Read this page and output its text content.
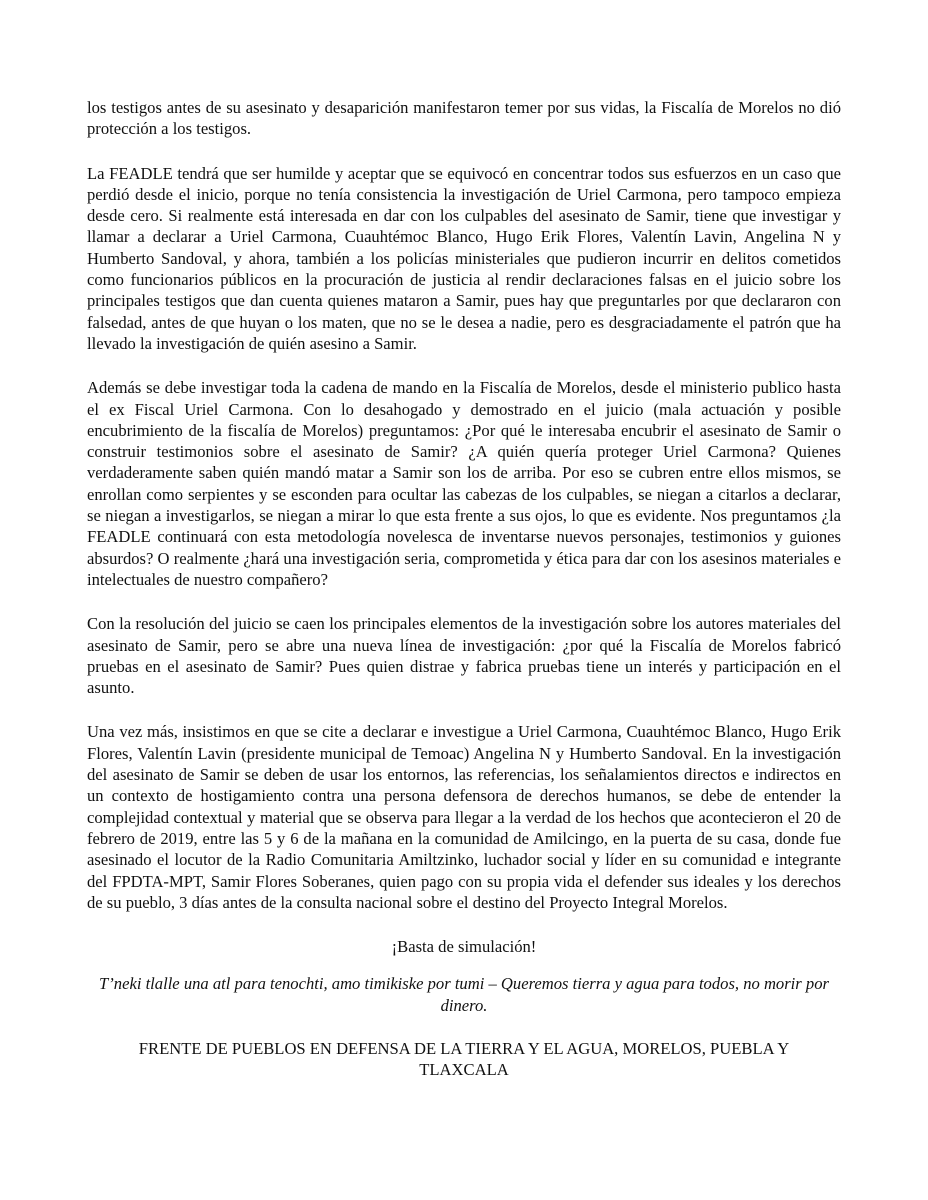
los testigos antes de su asesinato y desaparición manifestaron temer por sus vidas, la Fiscalía de Morelos no dió protección a los testigos.

La FEADLE tendrá que ser humilde y aceptar que se equivocó en concentrar todos sus esfuerzos en un caso que perdió desde el inicio, porque no tenía consistencia la investigación de Uriel Carmona, pero tampoco empieza desde cero. Si realmente está interesada en dar con los culpables del asesinato de Samir, tiene que investigar y llamar a declarar a Uriel Carmona, Cuauhtémoc Blanco, Hugo Erik Flores, Valentín Lavin, Angelina N y Humberto Sandoval, y ahora, también a los policías ministeriales que pudieron incurrir en delitos cometidos como funcionarios públicos en la procuración de justicia al rendir declaraciones falsas en el juicio sobre los principales testigos que dan cuenta quienes mataron a Samir, pues hay que preguntarles por que declararon con falsedad, antes de que huyan o los maten, que no se le desea a nadie, pero es desgraciadamente el patrón que ha llevado la investigación de quién asesino a Samir.

Además se debe investigar toda la cadena de mando en la Fiscalía de Morelos, desde el ministerio publico hasta el ex Fiscal Uriel Carmona. Con lo desahogado y demostrado en el juicio (mala actuación y posible encubrimiento de la fiscalía de Morelos) preguntamos: ¿Por qué le interesaba encubrir el asesinato de Samir o construir testimonios sobre el asesinato de Samir? ¿A quién quería proteger Uriel Carmona? Quienes verdaderamente saben quién mandó matar a Samir son los de arriba. Por eso se cubren entre ellos mismos, se enrollan como serpientes y se esconden para ocultar las cabezas de los culpables, se niegan a citarlos a declarar, se niegan a investigarlos, se niegan a mirar lo que esta frente a sus ojos, lo que es evidente. Nos preguntamos ¿la FEADLE continuará con esta metodología novelesca de inventarse nuevos personajes, testimonios y guiones absurdos? O realmente ¿hará una investigación seria, comprometida y ética para dar con los asesinos materiales e intelectuales de nuestro compañero?

Con la resolución del juicio se caen los principales elementos de la investigación sobre los autores materiales del asesinato de Samir, pero se abre una nueva línea de investigación: ¿por qué la Fiscalía de Morelos fabricó pruebas en el asesinato de Samir? Pues quien distrae y fabrica pruebas tiene un interés y participación en el asunto.

Una vez más, insistimos en que se cite a declarar e investigue a Uriel Carmona, Cuauhtémoc Blanco, Hugo Erik Flores, Valentín Lavin (presidente municipal de Temoac) Angelina N y Humberto Sandoval. En la investigación del asesinato de Samir se deben de usar los entornos, las referencias, los señalamientos directos e indirectos en un contexto de hostigamiento contra una persona defensora de derechos humanos, se debe de entender la complejidad contextual y material que se observa para llegar a la verdad de los hechos que acontecieron el 20 de febrero de 2019, entre las 5 y 6 de la mañana en la comunidad de Amilcingo, en la puerta de su casa, donde fue asesinado el locutor de la Radio Comunitaria Amiltzinko, luchador social y líder en su comunidad e integrante del FPDTA-MPT, Samir Flores Soberanes, quien pago con su propia vida el defender sus ideales y los derechos de su pueblo, 3 días antes de la consulta nacional sobre el destino del Proyecto Integral Morelos.

¡Basta de simulación!

T’neki tlalle una atl para tenochti, amo timikiske por tumi – Queremos tierra y agua para todos, no morir por dinero.

FRENTE DE PUEBLOS EN DEFENSA DE LA TIERRA Y EL AGUA, MORELOS, PUEBLA Y TLAXCALA
